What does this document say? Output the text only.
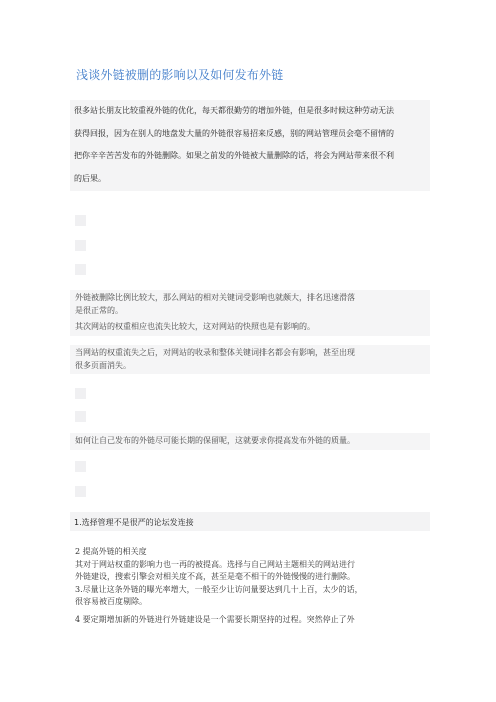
浅谈外链被删的影响以及如何发布外链
很多站长朋友比较重视外链的优化，每天都很勤劳的增加外链，但是很多时候这种劳动无法
获得回报，因为在别人的地盘发大量的外链很容易招来反感，别的网站管理员会毫不留情的
把你辛辛苦苦发布的外链删除。如果之前发的外链被大量删除的话，将会为网站带来很不利
的后果。
外链被删除比例比较大，那么网站的相对关键词受影响也就颇大，排名迅速滑落
是很正常的。
其次网站的权重相应也流失比较大，这对网站的快照也是有影响的。
当网站的权重流失之后，对网站的收录和整体关键词排名都会有影响，甚至出现
很多页面消失。
如何让自己发布的外链尽可能长期的保留呢，这就要求你提高发布外链的质量。
1.选择管理不是很严的论坛发连接
2 提高外链的相关度
其对于网站权重的影响力也一再的被提高。选择与自己网站主题相关的网站进行
外链建设，搜索引擎会对相关度不高，甚至是毫不相干的外链慢慢的进行删除。
3.尽量让这条外链的曝光率增大，一般至少让访问量要达到几十上百，太少的话，
很容易被百度剔除。
4 要定期增加新的外链进行外链建设是一个需要长期坚持的过程。突然停止了外
